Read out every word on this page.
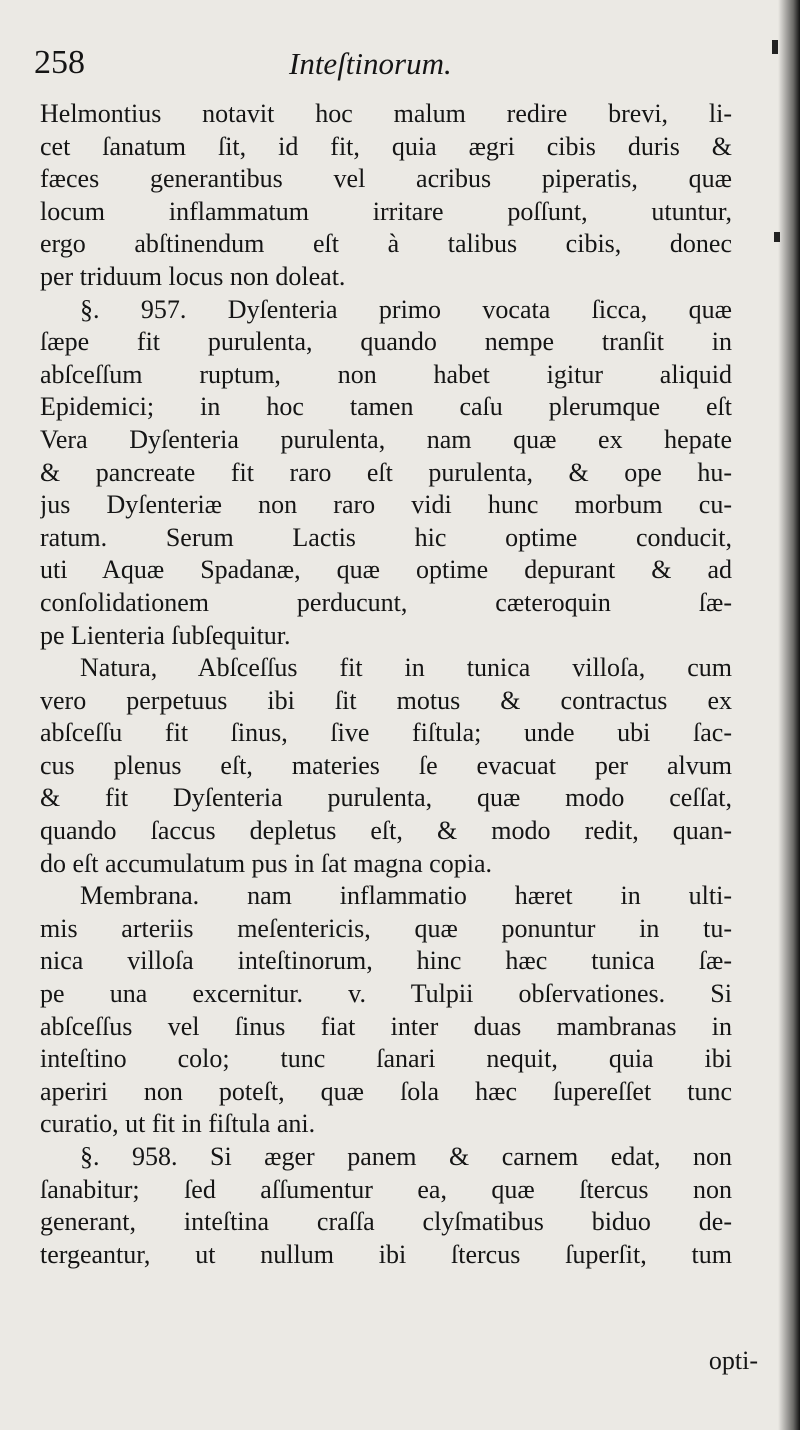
258	Inteſtinorum.
Helmontius notavit hoc malum redire brevi, li-
cet ſanatum ſit, id fit, quia ægri cibis duris &
fæces generantibus vel acribus piperatis, quæ
locum inflammatum irritare poſſunt, utuntur,
ergo abſtinendum eſt à talibus cibis, donec
per triduum locus non doleat.
§. 957. Dyſenteria primo vocata ſicca, quæ
ſæpe fit purulenta, quando nempe tranſit in
abſceſſum ruptum, non habet igitur aliquid
Epidemici; in hoc tamen caſu plerumque eſt
Vera Dyſenteria purulenta, nam quæ ex hepate
& pancreate fit raro eſt purulenta, & ope hu-
jus Dyſenteriæ non raro vidi hunc morbum cu-
ratum. Serum Lactis hic optime conducit,
uti Aquæ Spadanæ, quæ optime depurant & ad
conſolidationem perducunt, cæteroquin ſæ-
pe Lienteria ſubſequitur.
Natura, Abſceſſus fit in tunica villoſa, cum
vero perpetuus ibi ſit motus & contractus ex
abſceſſu fit ſinus, ſive fiſtula; unde ubi ſac-
cus plenus eſt, materies ſe evacuat per alvum
& fit Dyſenteria purulenta, quæ modo ceſſat,
quando ſaccus depletus eſt, & modo redit, quan-
do eſt accumulatum pus in ſat magna copia.
Membrana. nam inflammatio hæret in ulti-
mis arteriis meſentericis, quæ ponuntur in tu-
nica villoſa inteſtinorum, hinc hæc tunica ſæ-
pe una excernitur. v. Tulpii obſervationes. Si
abſceſſus vel ſinus fiat inter duas mambranas in
inteſtino colo; tunc ſanari nequit, quia ibi
aperiri non poteſt, quæ ſola hæc ſupereſſet tunc
curatio, ut fit in fiſtula ani.
§. 958. Si æger panem & carnem edat, non
ſanabitur; ſed aſſumentur ea, quæ ſtercus non
generant, inteſtina craſſa clyſmatibus biduo de-
tergeantur, ut nullum ibi ſtercus ſuperſit, tum
opti-
